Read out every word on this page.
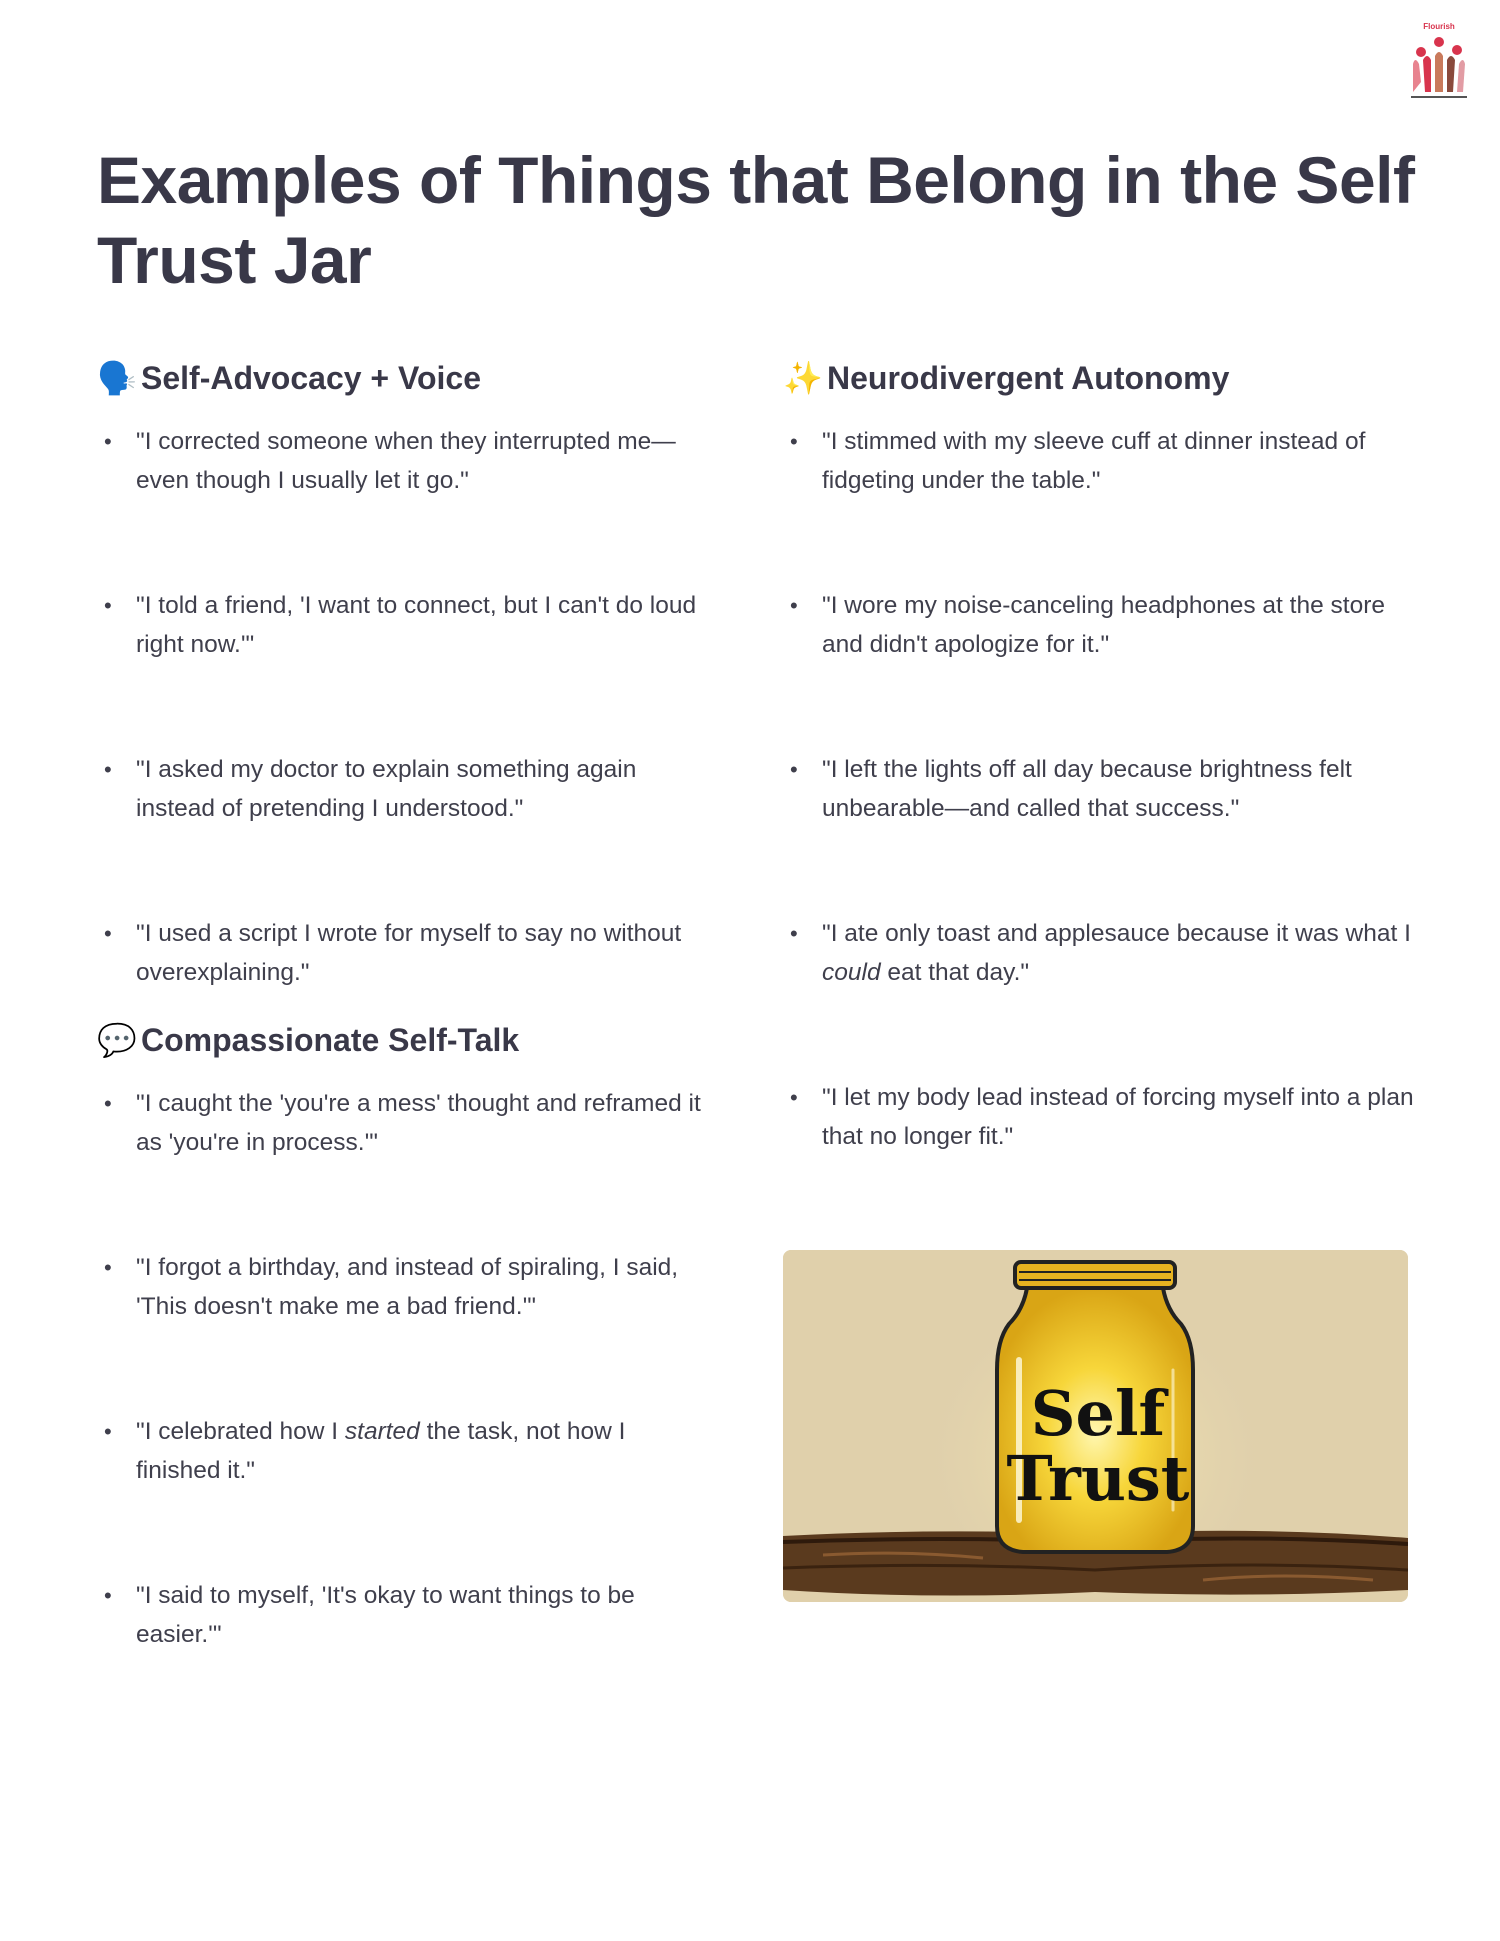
Flourish
Examples of Things that Belong in the Self Trust Jar
🗣️ Self-Advocacy + Voice
• "I corrected someone when they interrupted me—even though I usually let it go."
• "I told a friend, 'I want to connect, but I can't do loud right now.'"
• "I asked my doctor to explain something again instead of pretending I understood."
• "I used a script I wrote for myself to say no without overexplaining."
💬 Compassionate Self-Talk
• "I caught the 'you're a mess' thought and reframed it as 'you're in process.'"
• "I forgot a birthday, and instead of spiraling, I said, 'This doesn't make me a bad friend.'"
• "I celebrated how I started the task, not how I finished it."
• "I said to myself, 'It's okay to want things to be easier.'"
✨ Neurodivergent Autonomy
• "I stimmed with my sleeve cuff at dinner instead of fidgeting under the table."
• "I wore my noise-canceling headphones at the store and didn't apologize for it."
• "I left the lights off all day because brightness felt unbearable—and called that success."
• "I ate only toast and applesauce because it was what I could eat that day."
• "I let my body lead instead of forcing myself into a plan that no longer fit."
Self
Trust
